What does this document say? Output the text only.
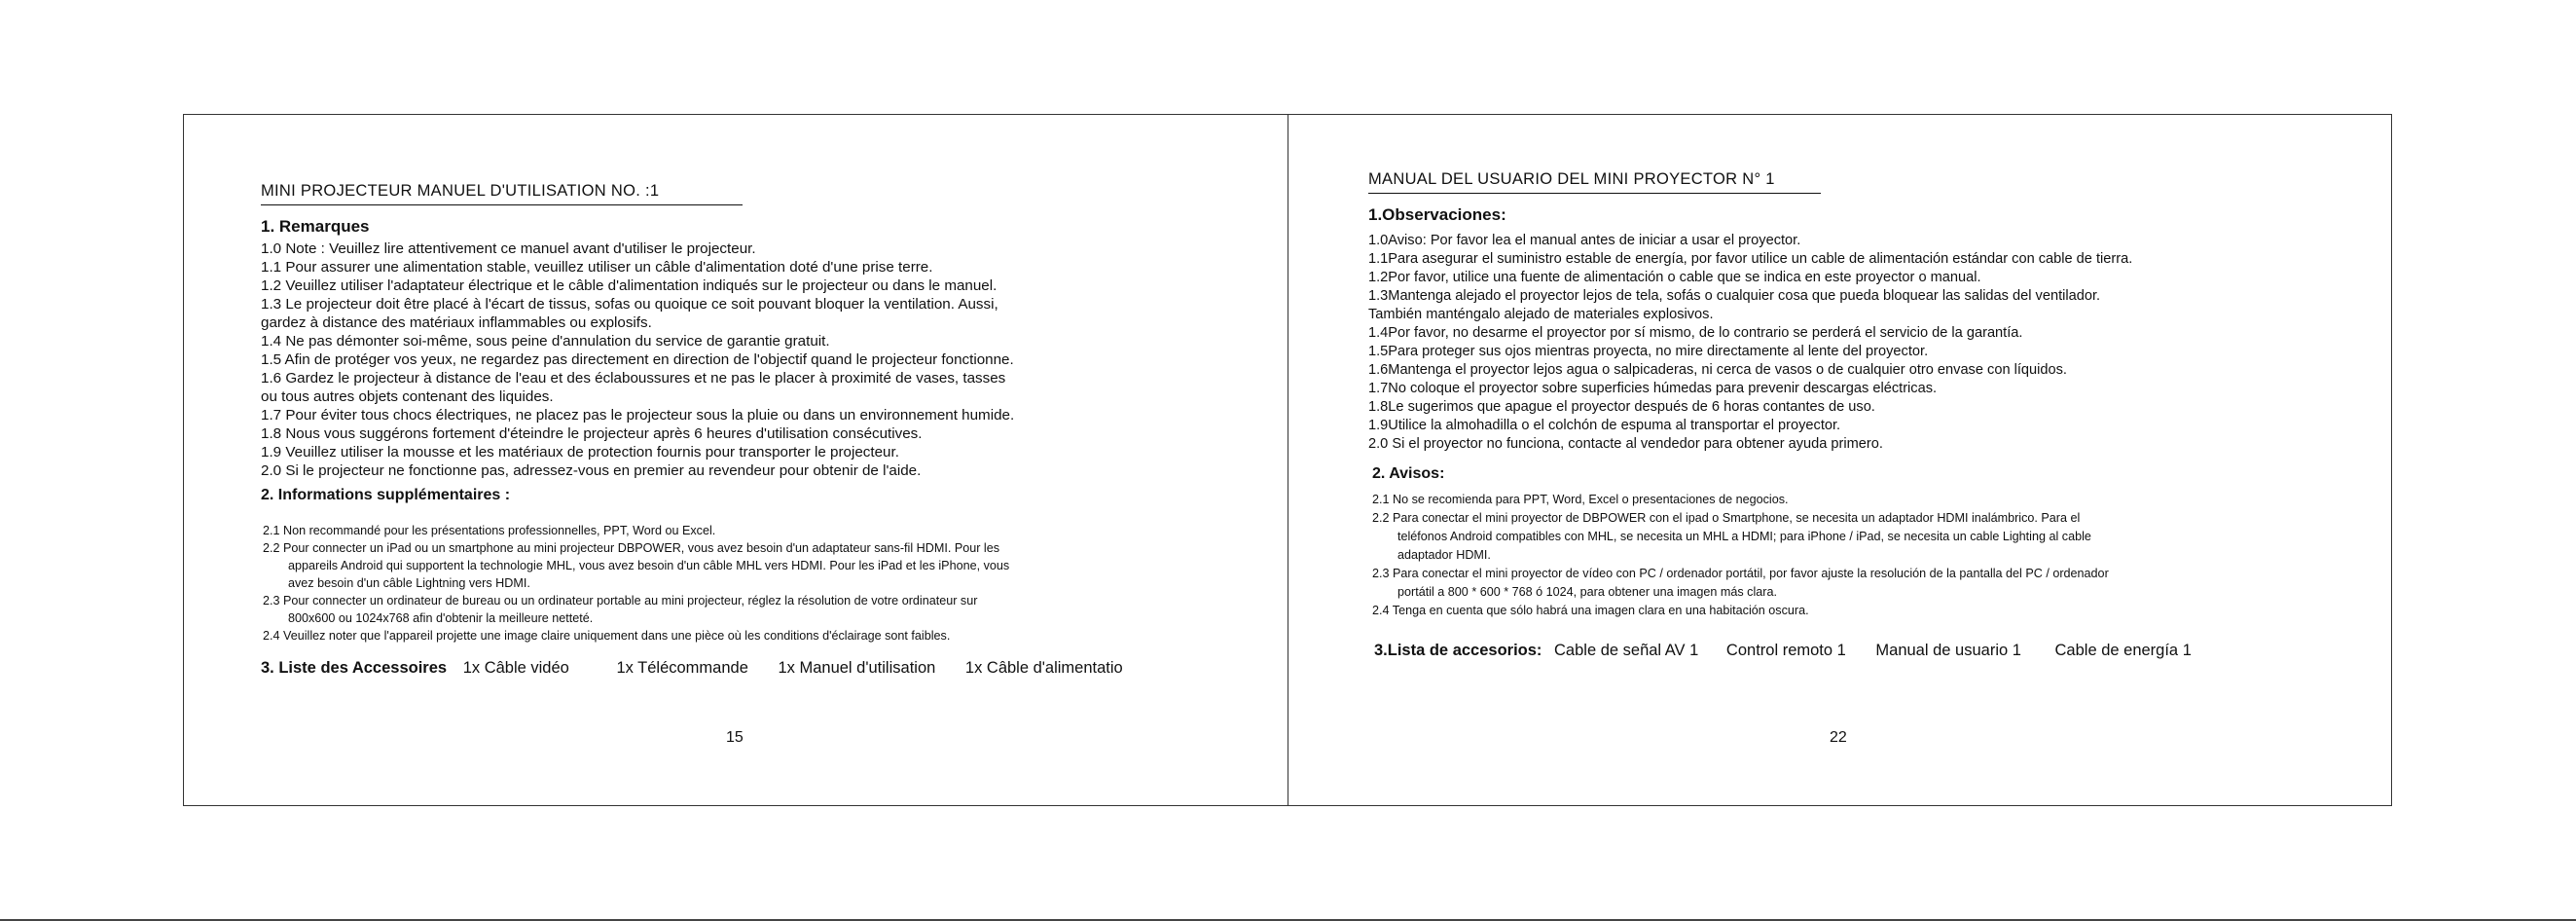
MINI PROJECTEUR MANUEL D'UTILISATION NO. :1
1. Remarques
1.0 Note : Veuillez lire attentivement ce manuel avant d'utiliser le projecteur.
1.1 Pour assurer une alimentation stable, veuillez utiliser un câble d'alimentation doté d'une prise terre.
1.2 Veuillez utiliser l'adaptateur électrique et le câble d'alimentation indiqués sur le projecteur ou dans le manuel.
1.3 Le projecteur doit être placé à l'écart de tissus, sofas ou quoique ce soit pouvant bloquer la ventilation. Aussi,
gardez à distance des matériaux inflammables ou explosifs.
1.4 Ne pas démonter soi-même, sous peine d'annulation du service de garantie gratuit.
1.5 Afin de protéger vos yeux, ne regardez pas directement en direction de l'objectif quand le projecteur fonctionne.
1.6 Gardez le projecteur à distance de l'eau et des éclaboussures et ne pas le placer à proximité de vases, tasses
ou tous autres objets contenant des liquides.
1.7 Pour éviter tous chocs électriques, ne placez pas le projecteur sous la pluie ou dans un environnement humide.
1.8 Nous vous suggérons fortement d'éteindre le projecteur après 6 heures d'utilisation consécutives.
1.9 Veuillez utiliser la mousse et les matériaux de protection fournis pour transporter le projecteur.
2.0 Si le projecteur ne fonctionne pas, adressez-vous en premier au revendeur pour obtenir de l'aide.
2. Informations supplémentaires :
2.1 Non recommandé pour les présentations professionnelles, PPT, Word ou Excel.
2.2 Pour connecter un iPad ou un smartphone au mini projecteur DBPOWER, vous avez besoin d'un adaptateur sans-fil HDMI. Pour les
appareils Android qui supportent la technologie MHL, vous avez besoin d'un câble MHL vers HDMI. Pour les iPad et les iPhone, vous
avez besoin d'un câble Lightning vers HDMI.
2.3 Pour connecter un ordinateur de bureau ou un ordinateur portable au mini projecteur, réglez la résolution de votre ordinateur sur
800x600 ou 1024x768 afin d'obtenir la meilleure netteté.
2.4 Veuillez noter que l'appareil projette une image claire uniquement dans une pièce où les conditions d'éclairage sont faibles.
3. Liste des Accessoires 1x Câble vidéo	1x Télécommande 1x Manuel d'utilisation 1x Câble d'alimentatio
15
MANUAL DEL USUARIO DEL MINI PROYECTOR N° 1
1.Observaciones:
1.0Aviso: Por favor lea el manual antes de iniciar a usar el proyector.
1.1Para asegurar el suministro estable de energía, por favor utilice un cable de alimentación estándar con cable de tierra.
1.2Por favor, utilice una fuente de alimentación o cable que se indica en este proyector o manual.
1.3Mantenga alejado el proyector lejos de tela, sofás o cualquier cosa que pueda bloquear las salidas del ventilador.
También manténgalo alejado de materiales explosivos.
1.4Por favor, no desarme el proyector por sí mismo, de lo contrario se perderá el servicio de la garantía.
1.5Para proteger sus ojos mientras proyecta, no mire directamente al lente del proyector.
1.6Mantenga el proyector lejos agua o salpicaderas, ni cerca de vasos o de cualquier otro envase con líquidos.
1.7No coloque el proyector sobre superficies húmedas para prevenir descargas eléctricas.
1.8Le sugerimos que apague el proyector después de 6 horas contantes de uso.
1.9Utilice la almohadilla o el colchón de espuma al transportar el proyector.
2.0 Si el proyector no funciona, contacte al vendedor para obtener ayuda primero.
2. Avisos:
2.1 No se recomienda para PPT, Word, Excel o presentaciones de negocios.
2.2 Para conectar el mini proyector de DBPOWER con el ipad o Smartphone, se necesita un adaptador HDMI inalámbrico. Para el
teléfonos Android compatibles con MHL, se necesita un MHL a HDMI; para iPhone / iPad, se necesita un cable Lighting al cable
adaptador HDMI.
2.3 Para conectar el mini proyector de vídeo con PC / ordenador portátil, por favor ajuste la resolución de la pantalla del PC / ordenador
portátil a 800 * 600 * 768 ó 1024, para obtener una imagen más clara.
2.4 Tenga en cuenta que sólo habrá una imagen clara en una habitación oscura.
3.Lista de accesorios: Cable de señal AV 1 Control remoto 1 Manual de usuario 1 Cable de energía 1
22
